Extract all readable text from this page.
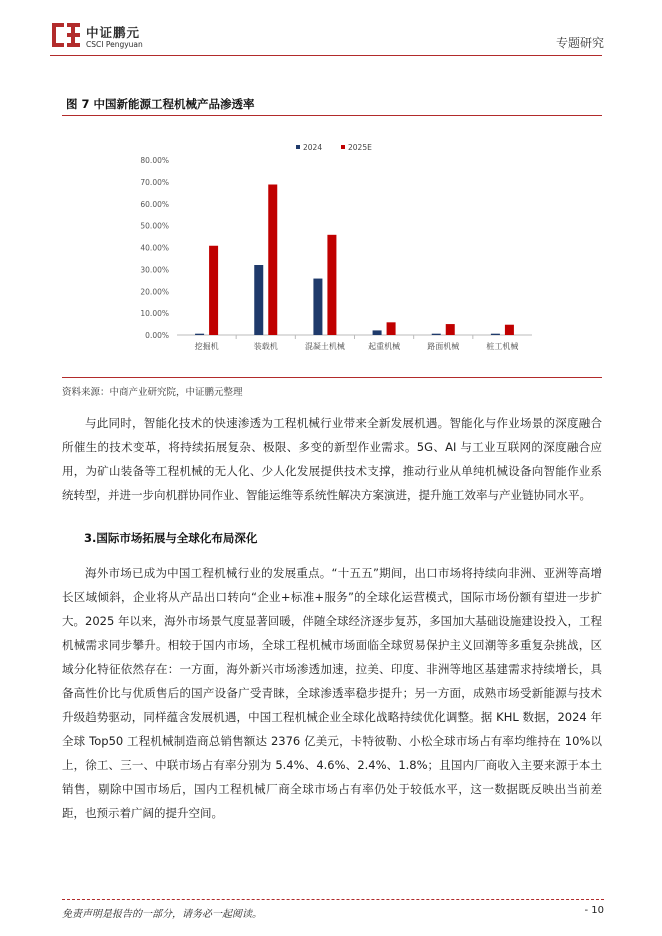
中证鹏元
CSCI Pengyuan	专题研究
图 7 中国新能源工程机械产品渗透率
0.00%
10.00%
20.00%
30.00%
40.00%
50.00%
60.00%
70.00%
80.00%
挖掘机	装载机	混凝土机械	起重机械	路面机械	桩工机械
2024	2025E
资料来源：中商产业研究院，中证鹏元整理

与此同时，智能化技术的快速渗透为工程机械行业带来全新发展机遇。智能化与作业场景的深度融合所催生的技术变革，将持续拓展复杂、极限、多变的新型作业需求。5G、AI 与工业互联网的深度融合应用，为矿山装备等工程机械的无人化、少人化发展提供技术支撑，推动行业从单纯机械设备向智能作业系统转型，并进一步向机群协同作业、智能运维等系统性解决方案演进，提升施工效率与产业链协同水平。

3.国际市场拓展与全球化布局深化

海外市场已成为中国工程机械行业的发展重点。“十五五”期间，出口市场将持续向非洲、亚洲等高增长区域倾斜，企业将从产品出口转向“企业+标准+服务”的全球化运营模式，国际市场份额有望进一步扩大。2025 年以来，海外市场景气度显著回暖，伴随全球经济逐步复苏，多国加大基础设施建设投入，工程机械需求同步攀升。相较于国内市场，全球工程机械市场面临全球贸易保护主义回潮等多重复杂挑战，区域分化特征依然存在：一方面，海外新兴市场渗透加速，拉美、印度、非洲等地区基建需求持续增长，具备高性价比与优质售后的国产设备广受青睐，全球渗透率稳步提升；另一方面，成熟市场受新能源与技术升级趋势驱动，同样蕴含发展机遇，中国工程机械企业全球化战略持续优化调整。据 KHL 数据，2024 年全球 Top50 工程机械制造商总销售额达 2376 亿美元，卡特彼勒、小松全球市场占有率均维持在 10%以上，徐工、三一、中联市场占有率分别为 5.4%、4.6%、2.4%、1.8%；且国内厂商收入主要来源于本土销售，剔除中国市场后，国内工程机械厂商全球市场占有率仍处于较低水平，这一数据既反映出当前差距，也预示着广阔的提升空间。

免责声明是报告的一部分，请务必一起阅读。	- 10
